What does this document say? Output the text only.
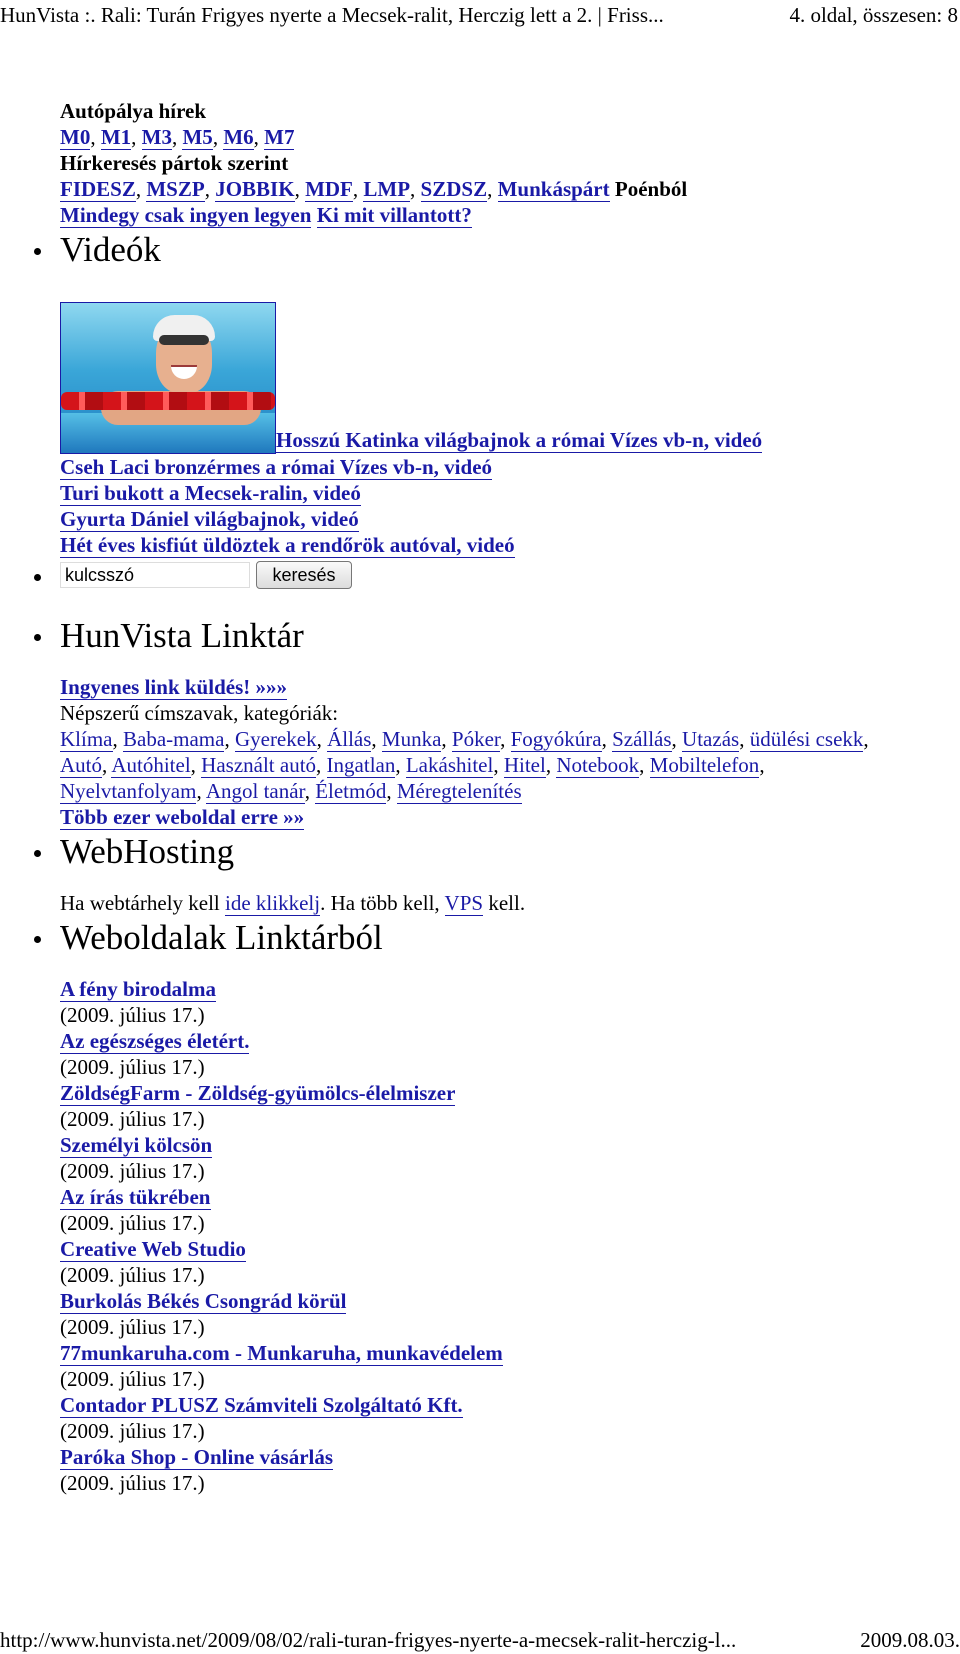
HunVista :. Rali: Turán Frigyes nyerte a Mecsek-ralit, Herczig lett a 2. | Friss...	4. oldal, összesen: 8
Autópálya hírek
M0, M1, M3, M5, M6, M7
Hírkeresés pártok szerint
FIDESZ, MSZP, JOBBIK, MDF, LMP, SZDSZ, Munkáspárt Poénból
Mindegy csak ingyen legyen Ki mit villantott?
Videók
Hosszú Katinka világbajnok a római Vízes vb-n, videó
Cseh Laci bronzérmes a római Vízes vb-n, videó
Turi bukott a Mecsek-ralin, videó
Gyurta Dániel világbajnok, videó
Hét éves kisfiút üldöztek a rendőrök autóval, videó
kulcsszó
keresés
HunVista Linktár
Ingyenes link küldés! »»»
Népszerű címszavak, kategóriák:
Klíma, Baba-mama, Gyerekek, Állás, Munka, Póker, Fogyókúra, Szállás, Utazás, üdülési csekk, Autó, Autóhitel, Használt autó, Ingatlan, Lakáshitel, Hitel, Notebook, Mobiltelefon, Nyelvtanfolyam, Angol tanár, Életmód, Méregtelenítés
Több ezer weboldal erre »»
WebHosting
Ha webtárhely kell ide klikkelj. Ha több kell, VPS kell.
Weboldalak Linktárból
A fény birodalma
(2009. július 17.)
Az egészséges életért.
(2009. július 17.)
ZöldségFarm - Zöldség-gyümölcs-élelmiszer
(2009. július 17.)
Személyi kölcsön
(2009. július 17.)
Az írás tükrében
(2009. július 17.)
Creative Web Studio
(2009. július 17.)
Burkolás Békés Csongrád körül
(2009. július 17.)
77munkaruha.com - Munkaruha, munkavédelem
(2009. július 17.)
Contador PLUSZ Számviteli Szolgáltató Kft.
(2009. július 17.)
Paróka Shop - Online vásárlás
(2009. július 17.)
http://www.hunvista.net/2009/08/02/rali-turan-frigyes-nyerte-a-mecsek-ralit-herczig-l...	2009.08.03.
